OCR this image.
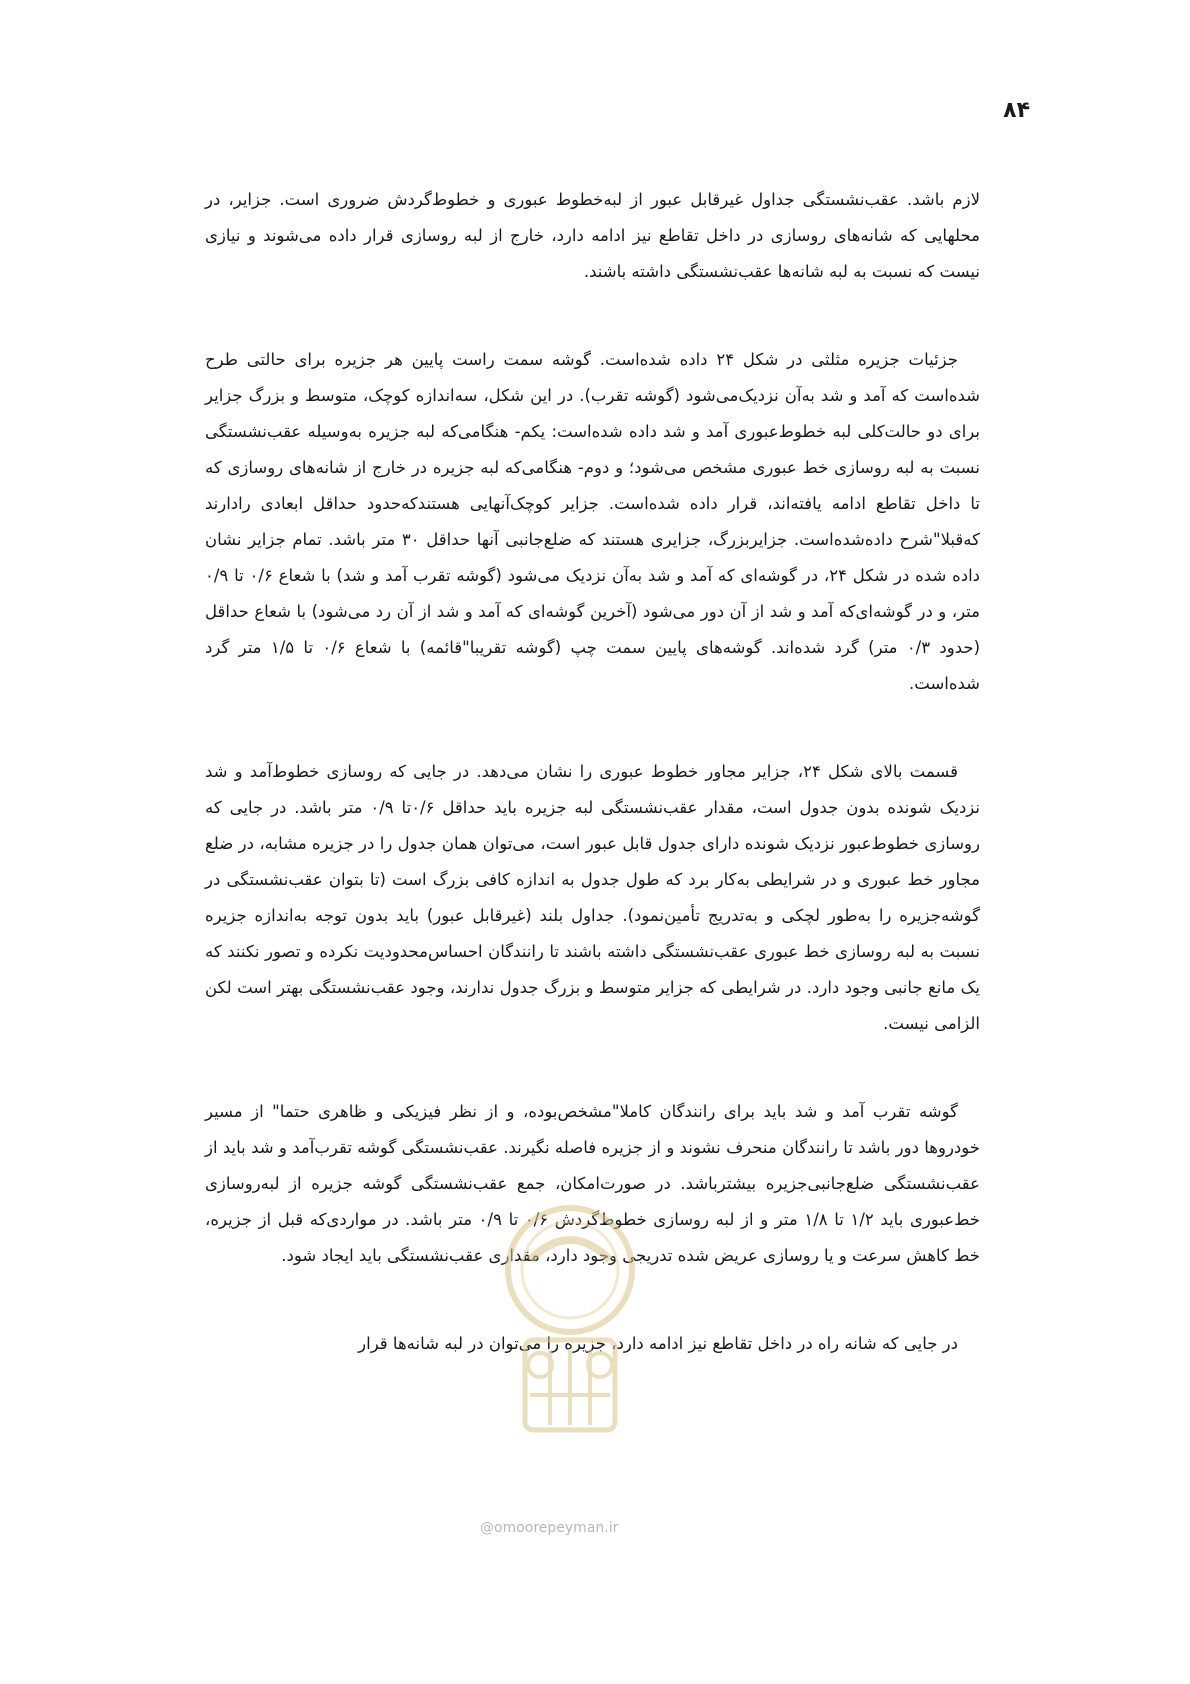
۸۴

لازم باشد. عقب‌نشستگی جداول غیرقابل عبور از لبه‌خطوط عبوری و خطوط‌گردش ضروری است. جزایر، در محلهایی که شانه‌های روسازی در داخل تقاطع نیز ادامه دارد، خارج از لبه روسازی قرار داده می‌شوند و نیازی نیست که نسبت به لبه شانه‌ها عقب‌نشستگی داشته باشند.

جزئیات جزیره مثلثی در شکل ۲۴ داده شده‌است. گوشه سمت راست پایین هر جزیره برای حالتی طرح شده‌است که آمد و شد به‌آن نزدیک‌می‌شود (گوشه تقرب). در این شکل، سه‌اندازه کوچک، متوسط و بزرگ جزایر برای دو حالت‌کلی لبه خطوط‌عبوری آمد و شد داده شده‌است: یکم- هنگامی‌که لبه جزیره به‌وسیله عقب‌نشستگی نسبت به لبه روسازی خط عبوری مشخص می‌شود؛ و دوم- هنگامی‌که لبه جزیره در خارج از شانه‌های روسازی که تا داخل تقاطع ادامه یافته‌اند، قرار داده شده‌است. جزایر کوچک‌آنهایی هستند‌که‌حدود حداقل ابعادی رادارند که‌قبلا"شرح داده‌شده‌است. جزایربزرگ، جزایری هستند که ضلع‌جانبی آنها حداقل ۳۰ متر باشد. تمام جزایر نشان داده شده در شکل ۲۴، در گوشه‌ای که آمد و شد به‌آن نزدیک می‌شود (گوشه تقرب آمد و شد) با شعاع ۰/۶ تا ۰/۹ متر، و در گوشه‌ای‌که آمد و شد از آن دور می‌شود (آخرین گوشه‌ای که آمد و شد از آن رد می‌شود) با شعاع حداقل (حدود ۰/۳ متر) گرد شده‌اند. گوشه‌های پایین سمت چپ (گوشه تقریبا"قائمه) با شعاع ۰/۶ تا ۱/۵ متر گرد شده‌است.

قسمت بالای شکل ۲۴، جزایر مجاور خطوط عبوری را نشان می‌دهد. در جایی که روسازی خطوط‌آمد و شد نزدیک شونده بدون جدول است، مقدار عقب‌نشستگی لبه جزیره باید حداقل ۰/۶تا ۰/۹ متر باشد. در جایی که روسازی خطوط‌عبور نزدیک شونده دارای جدول قابل عبور است، می‌توان همان جدول را در جزیره مشابه، در ضلع مجاور خط عبوری و در شرایطی به‌کار برد که طول جدول به اندازه کافی بزرگ است (تا بتوان عقب‌نشستگی در گوشه‌جزیره را به‌طور لچکی و به‌تدریج تأمین‌نمود). جداول بلند (غیرقابل عبور) باید بدون توجه به‌اندازه جزیره نسبت به لبه روسازی خط عبوری عقب‌نشستگی داشته باشند تا رانندگان احساس‌محدودیت نکرده و تصور نکنند که یک مانع جانبی وجود دارد. در شرایطی که جزایر متوسط و بزرگ جدول ندارند، وجود عقب‌نشستگی بهتر است لکن الزامی نیست.

گوشه تقرب آمد و شد باید برای رانندگان کاملا"مشخص‌بوده، و از نظر فیزیکی و ظاهری حتما" از مسیر خودروها دور باشد تا رانندگان منحرف نشوند و از جزیره فاصله نگیرند. عقب‌نشستگی گوشه تقرب‌آمد و شد باید از عقب‌نشستگی ضلع‌جانبی‌جزیره بیشترباشد. در صورت‌امکان، جمع عقب‌نشستگی گوشه جزیره از لبه‌روسازی خط‌عبوری باید ۱/۲ تا ۱/۸ متر و از لبه روسازی خطوط‌گردش ۰/۶ تا ۰/۹ متر باشد. در مواردی‌که قبل از جزیره، خط کاهش سرعت و یا روسازی عریض شده تدریجی وجود دارد، مقداری عقب‌نشستگی باید ایجاد شود.

در جایی که شانه راه در داخل تقاطع نیز ادامه دارد، جزیره را می‌توان در لبه شانه‌ها قرار

@omoorepeyman.ir
